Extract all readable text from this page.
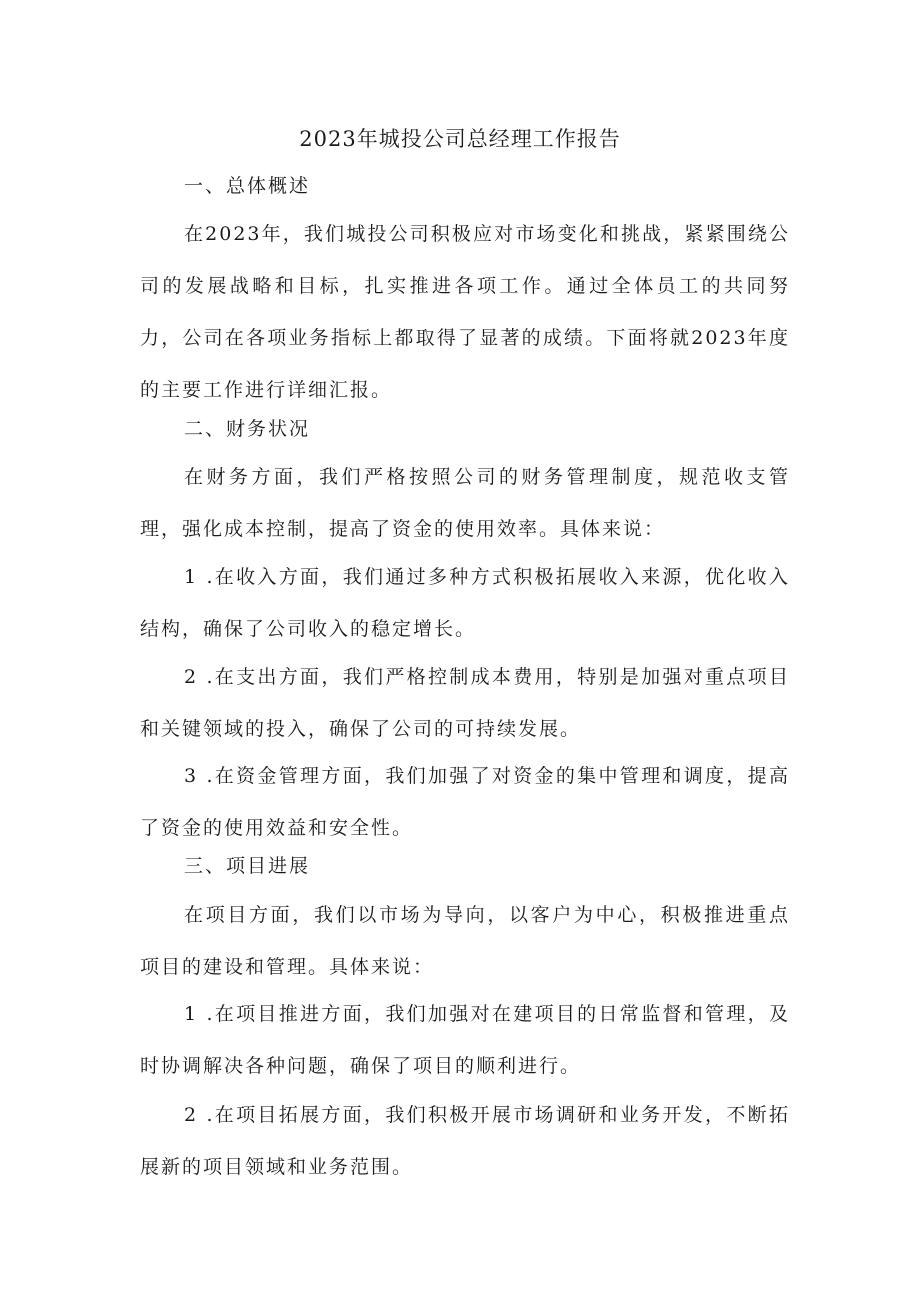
2023年城投公司总经理工作报告
一、总体概述

在2023年，我们城投公司积极应对市场变化和挑战，紧紧围绕公司的发展战略和目标，扎实推进各项工作。通过全体员工的共同努力，公司在各项业务指标上都取得了显著的成绩。下面将就2023年度的主要工作进行详细汇报。

二、财务状况

在财务方面，我们严格按照公司的财务管理制度，规范收支管理，强化成本控制，提高了资金的使用效率。具体来说：

1 .在收入方面，我们通过多种方式积极拓展收入来源，优化收入结构，确保了公司收入的稳定增长。

2 .在支出方面，我们严格控制成本费用，特别是加强对重点项目和关键领域的投入，确保了公司的可持续发展。

3 .在资金管理方面，我们加强了对资金的集中管理和调度，提高了资金的使用效益和安全性。

三、项目进展

在项目方面，我们以市场为导向，以客户为中心，积极推进重点项目的建设和管理。具体来说：

1 .在项目推进方面，我们加强对在建项目的日常监督和管理，及时协调解决各种问题，确保了项目的顺利进行。

2 .在项目拓展方面，我们积极开展市场调研和业务开发，不断拓展新的项目领域和业务范围。
